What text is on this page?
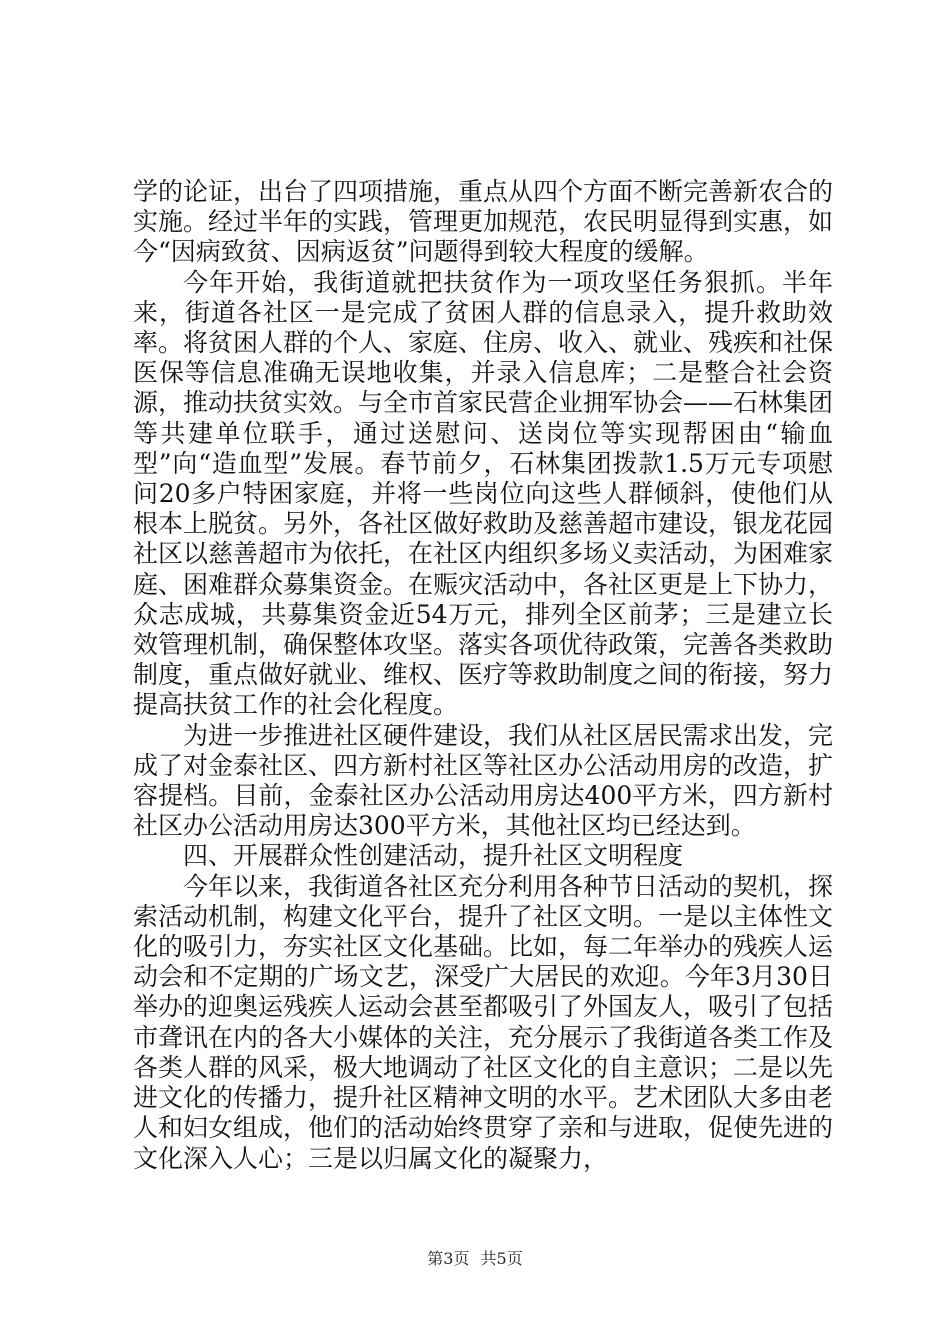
学的论证，出台了四项措施，重点从四个方面不断完善新农合的实施。经过半年的实践，管理更加规范，农民明显得到实惠，如今“因病致贫、因病返贫”问题得到较大程度的缓解。

今年开始，我街道就把扶贫作为一项攻坚任务狠抓。半年来，街道各社区一是完成了贫困人群的信息录入，提升救助效率。将贫困人群的个人、家庭、住房、收入、就业、残疾和社保医保等信息准确无误地收集，并录入信息库；二是整合社会资源，推动扶贫实效。与全市首家民营企业拥军协会——石林集团等共建单位联手，通过送慰问、送岗位等实现帮困由“输血型”向“造血型”发展。春节前夕，石林集团拨款1.5万元专项慰问20多户特困家庭，并将一些岗位向这些人群倾斜，使他们从根本上脱贫。另外，各社区做好救助及慈善超市建设，银龙花园社区以慈善超市为依托，在社区内组织多场义卖活动，为困难家庭、困难群众募集资金。在赈灾活动中，各社区更是上下协力，众志成城，共募集资金近54万元，排列全区前茅；三是建立长效管理机制，确保整体攻坚。落实各项优待政策，完善各类救助制度，重点做好就业、维权、医疗等救助制度之间的衔接，努力提高扶贫工作的社会化程度。

为进一步推进社区硬件建设，我们从社区居民需求出发，完成了对金泰社区、四方新村社区等社区办公活动用房的改造，扩容提档。目前，金泰社区办公活动用房达400平方米，四方新村社区办公活动用房达300平方米，其他社区均已经达到。

四、开展群众性创建活动，提升社区文明程度

今年以来，我街道各社区充分利用各种节日活动的契机，探索活动机制，构建文化平台，提升了社区文明。一是以主体性文化的吸引力，夯实社区文化基础。比如，每二年举办的残疾人运动会和不定期的广场文艺，深受广大居民的欢迎。今年3月30日举办的迎奥运残疾人运动会甚至都吸引了外国友人，吸引了包括市聋讯在内的各大小媒体的关注，充分展示了我街道各类工作及各类人群的风采，极大地调动了社区文化的自主意识；二是以先进文化的传播力，提升社区精神文明的水平。艺术团队大多由老人和妇女组成，他们的活动始终贯穿了亲和与进取，促使先进的文化深入人心；三是以归属文化的凝聚力，

第3页 共5页
